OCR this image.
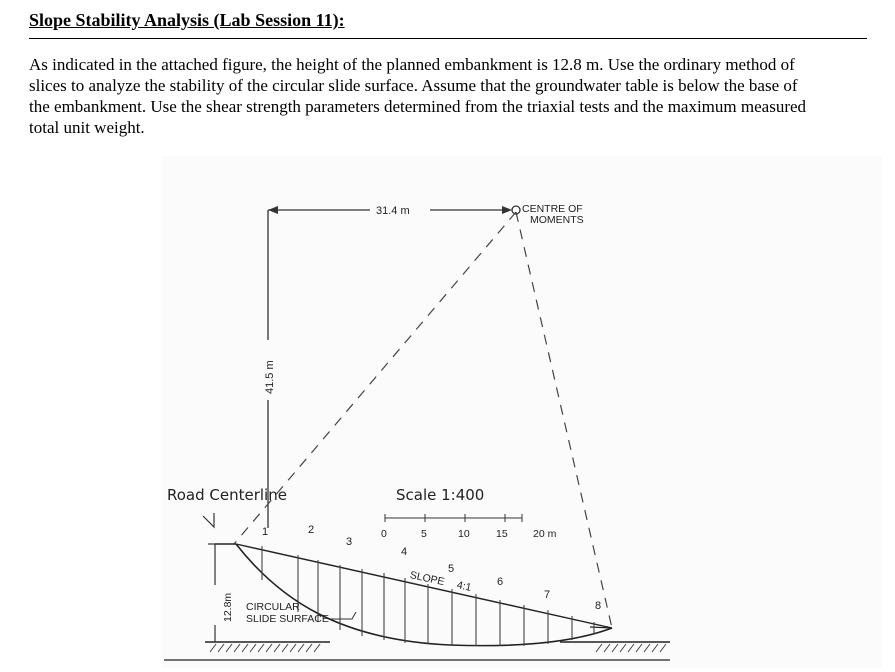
Slope Stability Analysis (Lab Session 11):

As indicated in the attached figure, the height of the planned embankment is 12.8 m. Use the ordinary method of slices to analyze the stability of the circular slide surface. Assume that the groundwater table is below the base of the embankment. Use the shear strength parameters determined from the triaxial tests and the maximum measured total unit weight.

31.4 m	CENTRE OF
MOMENTS
41.5 m
Road Centerline	Scale 1:400
0	5	10	15 20 m
1	2
3
4
5
6
7
8
SLOPE 4:1
12.8m CIRCULAR
SLIDE SURFACE
